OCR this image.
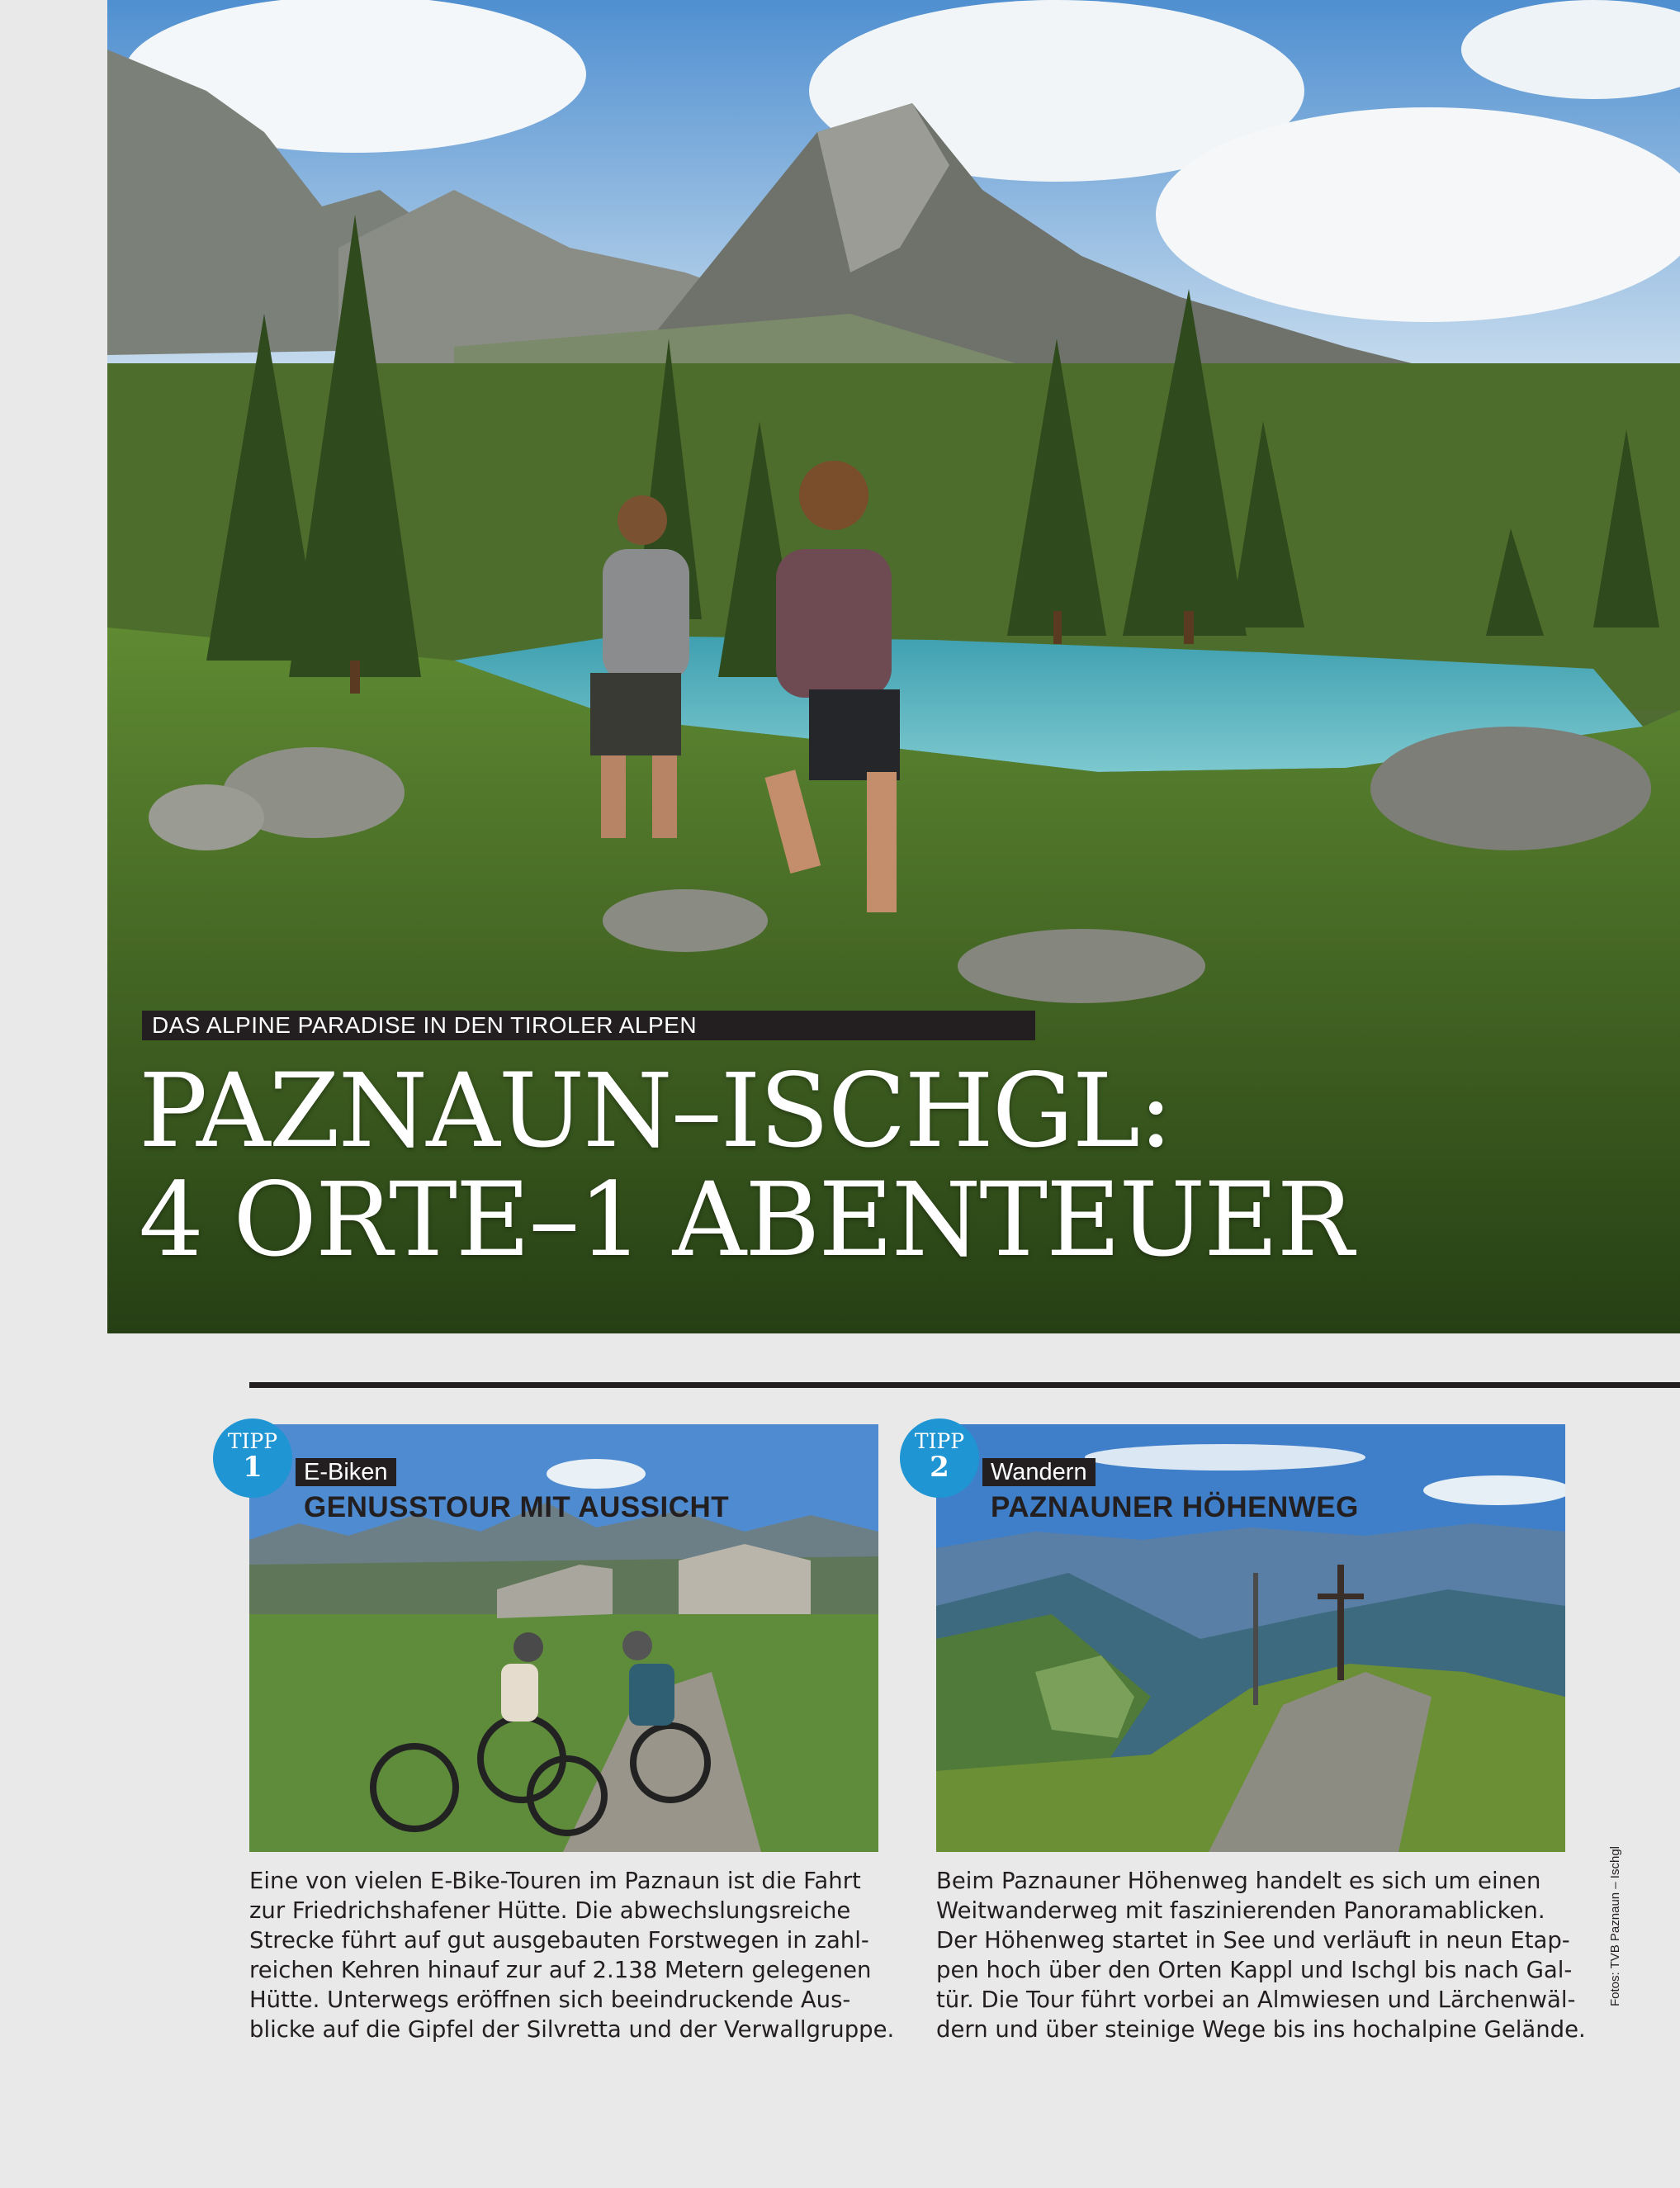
DAS ALPINE PARADISE IN DEN TIROLER ALPEN
PAZNAUN–ISCHGL:
4 ORTE–1 ABENTEUER
TIPP
1	E-Biken
GENUSSTOUR MIT AUSSICHT

Eine von vielen E-Bike-Touren im Paznaun ist die Fahrt
zur Friedrichshafener Hütte. Die abwechslungsreiche
Strecke führt auf gut ausgebauten Forstwegen in zahl-
reichen Kehren hinauf zur auf 2.138 Metern gelegenen
Hütte. Unterwegs eröffnen sich beeindruckende Aus-
blicke auf die Gipfel der Silvretta und der Verwallgruppe.

TIPP
2	Wandern
PAZNAUNER HÖHENWEG

Beim Paznauner Höhenweg handelt es sich um einen
Weitwanderweg mit faszinierenden Panoramablicken.
Der Höhenweg startet in See und verläuft in neun Etap-
pen hoch über den Orten Kappl und Ischgl bis nach Gal-
tür. Die Tour führt vorbei an Almwiesen und Lärchenwäl-
dern und über steinige Wege bis ins hochalpine Gelände.

Fotos: TVB Paznaun – Ischgl
